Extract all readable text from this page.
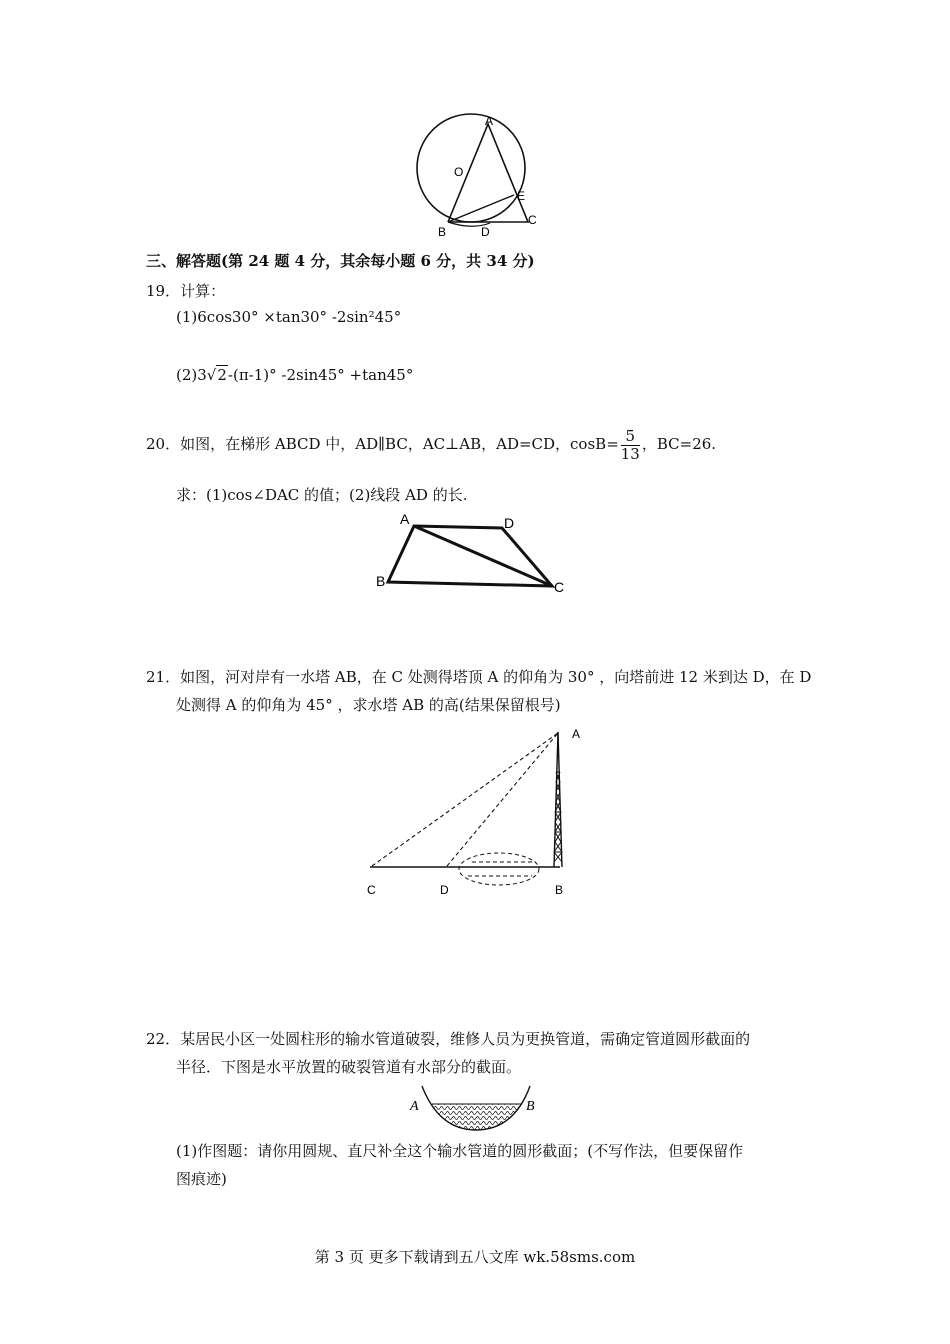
A
O
E
B	D
C
三、解答题(第 24 题 4 分，其余每小题 6 分，共 34 分)
19．计算：
(1)6cos30° ×tan30° -2sin²45°
(2)3√2-(π-1)° -2sin45° +tan45°
20．如图，在梯形 ABCD 中，AD∥BC，AC⊥AB，AD=CD，$\cos B= \frac{5}{13}$ ，BC=26.
求：(1)cos∠DAC 的值；(2)线段 AD 的长.
A	D
B	C
21．如图，河对岸有一水塔 AB，在 C 处测得塔顶 A 的仰角为 30° ，向塔前进 12 米到达 D，在 D
处测得 A 的仰角为 45° ，求水塔 AB 的高(结果保留根号)
A
C	D	B
22．某居民小区一处圆柱形的输水管道破裂，维修人员为更换管道，需确定管道圆形截面的
半径．下图是水平放置的破裂管道有水部分的截面。
A	B
(1)作图题：请你用圆规、直尺补全这个输水管道的圆形截面；(不写作法，但要保留作
图痕迹)
第 3 页 更多下载请到五八文库 wk.58sms.com
